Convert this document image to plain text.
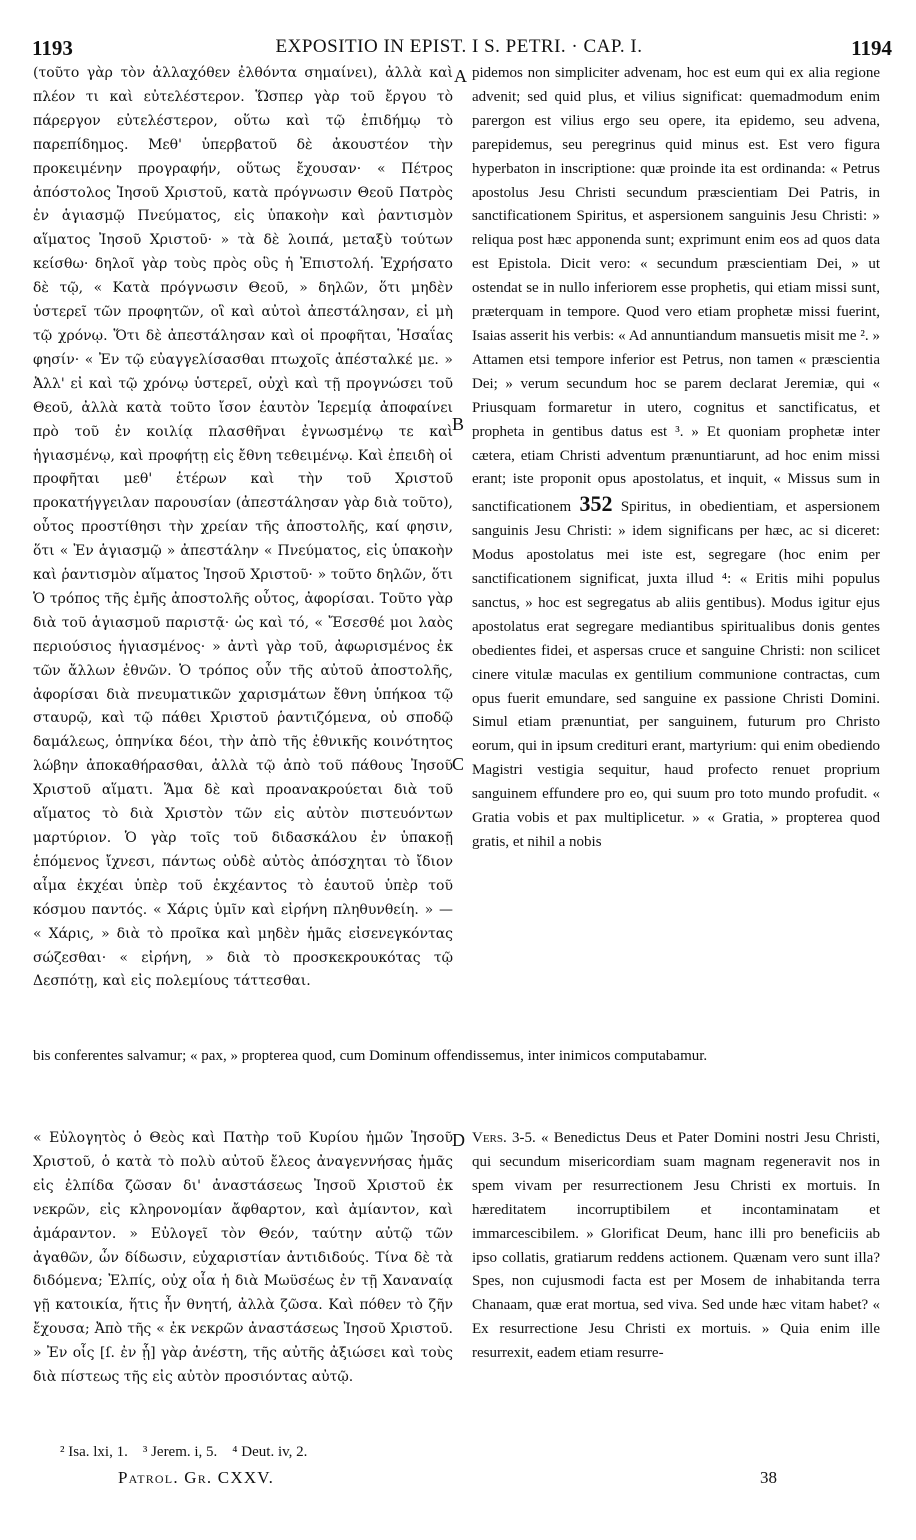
1193	EXPOSITIO IN EPIST. I S. PETRI. · CAP. I.	1194
A
B
C
D

(τοῦτο γὰρ τὸν ἀλλαχόθεν ἐλθόντα σημαίνει), ἀλλὰ καὶ πλέον τι καὶ εὐτελέστερον. Ὥσπερ γὰρ τοῦ ἔργου τὸ πάρεργον εὐτελέστερον, οὕτω καὶ τῷ ἐπιδήμῳ τὸ παρεπίδημος. Μεθ' ὑπερβατοῦ δὲ ἀκουστέον τὴν προκειμένην προγραφήν, οὕτως ἔχουσαν· « Πέτρος ἀπόστολος Ἰησοῦ Χριστοῦ, κατὰ πρόγνωσιν Θεοῦ Πατρὸς ἐν ἁγιασμῷ Πνεύματος, εἰς ὑπακοὴν καὶ ῥαντισμὸν αἵματος Ἰησοῦ Χριστοῦ· » τὰ δὲ λοιπά, μεταξὺ τούτων κείσθω· δηλοῖ γὰρ τοὺς πρὸς οὓς ἡ Ἐπιστολή. Ἐχρήσατο δὲ τῷ, « Κατὰ πρόγνωσιν Θεοῦ, » δηλῶν, ὅτι μηδὲν ὑστερεῖ τῶν προφητῶν, οἳ καὶ αὐτοὶ ἀπεστάλησαν, εἰ μὴ τῷ χρόνῳ. Ὅτι δὲ ἀπεστάλησαν καὶ οἱ προφῆται, Ἡσαΐας φησίν· « Ἐν τῷ εὐαγγελίσασθαι πτωχοῖς ἀπέσταλκέ με. » Ἀλλ' εἰ καὶ τῷ χρόνῳ ὑστερεῖ, οὐχὶ καὶ τῇ προγνώσει τοῦ Θεοῦ, ἀλλὰ κατὰ τοῦτο ἴσον ἑαυτὸν Ἱερεμίᾳ ἀποφαίνει πρὸ τοῦ ἐν κοιλίᾳ πλασθῆναι ἐγνωσμένῳ τε καὶ ἡγιασμένῳ, καὶ προφήτῃ εἰς ἔθνη τεθειμένῳ. Καὶ ἐπειδὴ οἱ προφῆται μεθ' ἑτέρων καὶ τὴν τοῦ Χριστοῦ προκατήγγειλαν παρουσίαν (ἀπεστάλησαν γὰρ διὰ τοῦτο), οὗτος προστίθησι τὴν χρείαν τῆς ἀποστολῆς, καί φησιν, ὅτι « Ἐν ἁγιασμῷ » ἀπεστάλην « Πνεύματος, εἰς ὑπακοὴν καὶ ῥαντισμὸν αἵματος Ἰησοῦ Χριστοῦ· » τοῦτο δηλῶν, ὅτι Ὁ τρόπος τῆς ἐμῆς ἀποστολῆς οὗτος, ἀφορίσαι. Τοῦτο γὰρ διὰ τοῦ ἁγιασμοῦ παριστᾷ· ὡς καὶ τό, « Ἔσεσθέ μοι λαὸς περιούσιος ἡγιασμένος· » ἀντὶ γὰρ τοῦ, ἀφωρισμένος ἐκ τῶν ἄλλων ἐθνῶν. Ὁ τρόπος οὖν τῆς αὐτοῦ ἀποστολῆς, ἀφορίσαι διὰ πνευματικῶν χαρισμάτων ἔθνη ὑπήκοα τῷ σταυρῷ, καὶ τῷ πάθει Χριστοῦ ῥαντιζόμενα, οὐ σποδῷ δαμάλεως, ὁπηνίκα δέοι, τὴν ἀπὸ τῆς ἐθνικῆς κοινότητος λώβην ἀποκαθήρασθαι, ἀλλὰ τῷ ἀπὸ τοῦ πάθους Ἰησοῦ Χριστοῦ αἵματι. Ἅμα δὲ καὶ προανακρούεται διὰ τοῦ αἵματος τὸ διὰ Χριστὸν τῶν εἰς αὐτὸν πιστευόντων μαρτύριον. Ὁ γὰρ τοῖς τοῦ διδασκάλου ἐν ὑπακοῇ ἑπόμενος ἴχνεσι, πάντως οὐδὲ αὐτὸς ἀπόσχηται τὸ ἴδιον αἷμα ἐκχέαι ὑπὲρ τοῦ ἐκχέαντος τὸ ἑαυτοῦ ὑπὲρ τοῦ κόσμου παντός. « Χάρις ὑμῖν καὶ εἰρήνη πληθυνθείη. » — « Χάρις, » διὰ τὸ προῖκα καὶ μηδὲν ἡμᾶς εἰσενεγκόντας σώζεσθαι· « εἰρήνη, » διὰ τὸ προσκεκρουκότας τῷ Δεσπότῃ, καὶ εἰς πολεμίους τάττεσθαι.

pidemos non simpliciter advenam, hoc est eum qui ex alia regione advenit; sed quid plus, et vilius significat: quemadmodum enim parergon est vilius ergo seu opere, ita epidemo, seu advena, parepidemus, seu peregrinus quid minus est. Est vero figura hyperbaton in inscriptione: quæ proinde ita est ordinanda: « Petrus apostolus Jesu Christi secundum præscientiam Dei Patris, in sanctificationem Spiritus, et aspersionem sanguinis Jesu Christi: » reliqua post hæc apponenda sunt; exprimunt enim eos ad quos data est Epistola. Dicit vero: « secundum præscientiam Dei, » ut ostendat se in nullo inferiorem esse prophetis, qui etiam missi sunt, præterquam in tempore. Quod vero etiam prophetæ missi fuerint, Isaias asserit his verbis: « Ad annuntiandum mansuetis misit me ². » Attamen etsi tempore inferior est Petrus, non tamen « præscientia Dei; » verum secundum hoc se parem declarat Jeremiæ, qui « Priusquam formaretur in utero, cognitus et sanctificatus, et propheta in gentibus datus est ³. » Et quoniam prophetæ inter cætera, etiam Christi adventum prænuntiarunt, ad hoc enim missi erant; iste proponit opus apostolatus, et inquit, « Missus sum in sanctificationem 352 Spiritus, in obedientiam, et aspersionem sanguinis Jesu Christi: » idem significans per hæc, ac si diceret: Modus apostolatus mei iste est, segregare (hoc enim per sanctificationem significat, juxta illud ⁴: « Eritis mihi populus sanctus, » hoc est segregatus ab aliis gentibus). Modus igitur ejus apostolatus erat segregare mediantibus spiritualibus donis gentes obedientes fidei, et aspersas cruce et sanguine Christi: non scilicet cinere vitulæ maculas ex gentilium communione contractas, cum opus fuerit emundare, sed sanguine ex passione Christi Domini. Simul etiam prænuntiat, per sanguinem, futurum pro Christo eorum, qui in ipsum credituri erant, martyrium: qui enim obediendo Magistri vestigia sequitur, haud profecto renuet proprium sanguinem effundere pro eo, qui suum pro toto mundo profudit. « Gratia vobis et pax multiplicetur. » « Gratia, » propterea quod gratis, et nihil a nobis

bis conferentes salvamur; « pax, » propterea quod, cum Dominum offendissemus, inter inimicos computabamur.

« Εὐλογητὸς ὁ Θεὸς καὶ Πατὴρ τοῦ Κυρίου ἡμῶν Ἰησοῦ Χριστοῦ, ὁ κατὰ τὸ πολὺ αὐτοῦ ἔλεος ἀναγεννήσας ἡμᾶς εἰς ἐλπίδα ζῶσαν δι' ἀναστάσεως Ἰησοῦ Χριστοῦ ἐκ νεκρῶν, εἰς κληρονομίαν ἄφθαρτον, καὶ ἀμίαντον, καὶ ἀμάραντον. » Εὐλογεῖ τὸν Θεόν, ταύτην αὐτῷ τῶν ἀγαθῶν, ὧν δίδωσιν, εὐχαριστίαν ἀντιδιδούς. Τίνα δὲ τὰ διδόμενα; Ἐλπίς, οὐχ οἷα ἡ διὰ Μωϋσέως ἐν τῇ Χαναναίᾳ γῇ κατοικία, ἥτις ἦν θνητή, ἀλλὰ ζῶσα. Καὶ πόθεν τὸ ζῆν ἔχουσα; Ἀπὸ τῆς « ἐκ νεκρῶν ἀναστάσεως Ἰησοῦ Χριστοῦ. » Ἐν οἷς [ſ. ἐν ᾗ] γὰρ ἀνέστη, τῆς αὐτῆς ἀξιώσει καὶ τοὺς διὰ πίστεως τῆς εἰς αὐτὸν προσιόντας αὐτῷ.

Vers. 3-5. « Benedictus Deus et Pater Domini nostri Jesu Christi, qui secundum misericordiam suam magnam regeneravit nos in spem vivam per resurrectionem Jesu Christi ex mortuis. In hæreditatem incorruptibilem et incontaminatam et immarcescibilem. » Glorificat Deum, hanc illi pro beneficiis ab ipso collatis, gratiarum reddens actionem. Quænam vero sunt illa? Spes, non cujusmodi facta est per Mosem de inhabitanda terra Chanaam, quæ erat mortua, sed viva. Sed unde hæc vitam habet? « Ex resurrectione Jesu Christi ex mortuis. » Quia enim ille resurrexit, eadem etiam resurre-

² Isa. lxi, 1.    ³ Jerem. i, 5.    ⁴ Deut. iv, 2.
Patrol. Gr. CXXV.	38
